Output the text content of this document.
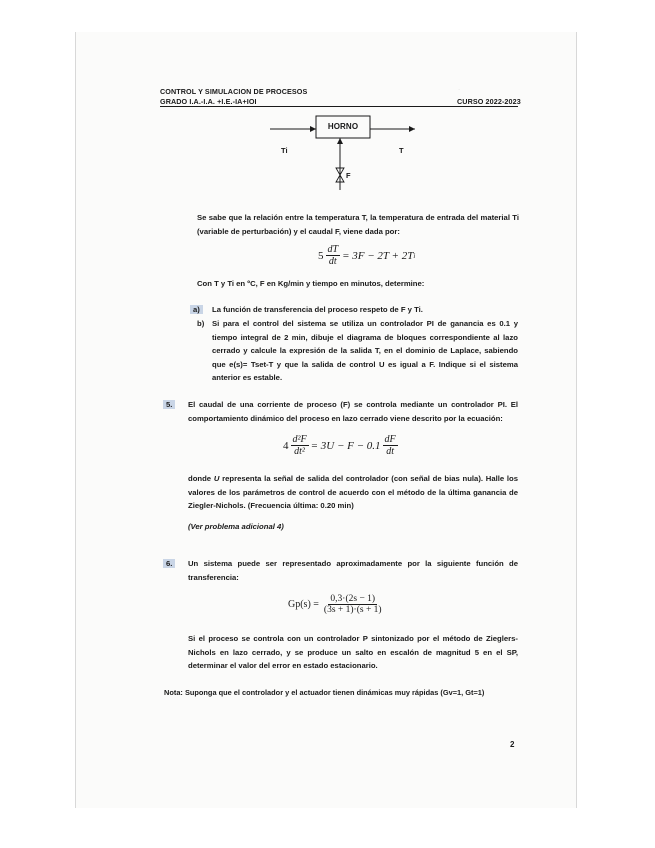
·
CONTROL Y SIMULACION DE PROCESOS
GRADO I.A.-I.A. +I.E.-IA+IOI	CURSO 2022-2023
HORNO
Ti	T
F
Se sabe que la relación entre la temperatura T, la temperatura de entrada del material Ti (variable de perturbación) y el caudal F, viene dada por:
$5 \frac{dT}{dt} = 3F - 2T + 2T$ i
Con T y Ti en ºC, F en Kg/min y tiempo en minutos, determine:
a)	La función de transferencia del proceso respeto de F y Ti.
b) Si para el control del sistema se utiliza un controlador PI de ganancia es 0.1 y tiempo integral de 2 min, dibuje el diagrama de bloques correspondiente al lazo cerrado y calcule la expresión de la salida T, en el dominio de Laplace, sabiendo que e(s)= Tset-T y que la salida de control U es igual a F. Indique si el sistema anterior es estable.
5.	El caudal de una corriente de proceso (F) se controla mediante un controlador PI. El comportamiento dinámico del proceso en lazo cerrado viene descrito por la ecuación:
$4 \frac{\text{d²F}}{\text{dt²}} = 3U - F - 0.1 \frac{dF}{dt}$
donde U representa la señal de salida del controlador (con señal de bias nula). Halle los valores de los parámetros de control de acuerdo con el método de la última ganancia de Ziegler-Nichols. (Frecuencia última: 0.20 min)
(Ver problema adicional 4)
6.	Un sistema puede ser representado aproximadamente por la siguiente función de transferencia:
$Gp(s) = \frac{0,3\cdot(2s - 1)}{(3s + 1)\cdot(s + 1)}$
Si el proceso se controla con un controlador P sintonizado por el método de Zieglers-Nichols en lazo cerrado, y se produce un salto en escalón de magnitud 5 en el SP, determinar el valor del error en estado estacionario.
Nota: Suponga que el controlador y el actuador tienen dinámicas muy rápidas (Gv=1, Gt=1)
2
